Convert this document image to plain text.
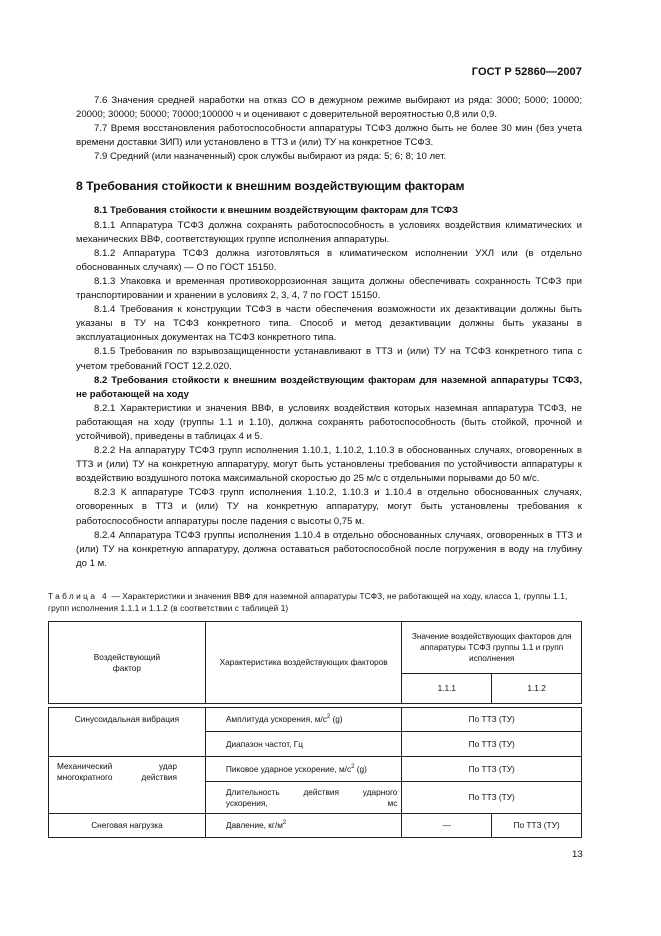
ГОСТ Р 52860—2007

7.6 Значения средней наработки на отказ СО в дежурном режиме выбирают из ряда: 3000; 5000; 10000; 20000; 30000; 50000; 70000;100000 ч и оценивают с доверительной вероятностью 0,8 или 0,9.

7.7 Время восстановления работоспособности аппаратуры ТСФЗ должно быть не более 30 мин (без учета времени доставки ЗИП) или установлено в ТТЗ и (или) ТУ на конкретное ТСФЗ.

7.9 Средний (или назначенный) срок службы выбирают из ряда: 5; 6; 8; 10 лет.

8 Требования стойкости к внешним воздействующим факторам

8.1 Требования стойкости к внешним воздействующим факторам для ТСФЗ

8.1.1 Аппаратура ТСФЗ должна сохранять работоспособность в условиях воздействия климатических и механических ВВФ, соответствующих группе исполнения аппаратуры.

8.1.2 Аппаратура ТСФЗ должна изготовляться в климатическом исполнении УХЛ или (в отдельно обоснованных случаях) — О по ГОСТ 15150.

8.1.3 Упаковка и временная противокоррозионная защита должны обеспечивать сохранность ТСФЗ при транспортировании и хранении в условиях 2, 3, 4, 7 по ГОСТ 15150.

8.1.4 Требования к конструкции ТСФЗ в части обеспечения возможности их дезактивации должны быть указаны в ТУ на ТСФЗ конкретного типа. Способ и метод дезактивации должны быть указаны в эксплуатационных документах на ТСФЗ конкретного типа.

8.1.5 Требования по взрывозащищенности устанавливают в ТТЗ и (или) ТУ на ТСФЗ конкретного типа с учетом требований ГОСТ 12.2.020.

8.2 Требования стойкости к внешним воздействующим факторам для наземной аппаратуры ТСФЗ, не работающей на ходу

8.2.1 Характеристики и значения ВВФ, в условиях воздействия которых наземная аппаратура ТСФЗ, не работающая на ходу (группы 1.1 и 1.10), должна сохранять работоспособность (быть стойкой, прочной и устойчивой), приведены в таблицах 4 и 5.

8.2.2 На аппаратуру ТСФЗ групп исполнения 1.10.1, 1.10.2, 1.10.3 в обоснованных случаях, оговоренных в ТТЗ и (или) ТУ на конкретную аппаратуру, могут быть установлены требования по устойчивости аппаратуры к воздействию воздушного потока максимальной скоростью до 25 м/с с отдельными порывами до 50 м/с.

8.2.3 К аппаратуре ТСФЗ групп исполнения 1.10.2, 1.10.3 и 1.10.4 в отдельно обоснованных случаях, оговоренных в ТТЗ и (или) ТУ на конкретную аппаратуру, могут быть установлены требования к работоспособности аппаратуры после падения с высоты 0,75 м.

8.2.4 Аппаратура ТСФЗ группы исполнения 1.10.4 в отдельно обоснованных случаях, оговоренных в ТТЗ и (или) ТУ на конкретную аппаратуру, должна оставаться работоспособной после погружения в воду на глубину до 1 м.

Таблица 4 — Характеристики и значения ВВФ для наземной аппаратуры ТСФЗ, не работающей на ходу, класса 1, группы 1.1, групп исполнения 1.1.1 и 1.1.2 (в соответствии с таблицей 1)
Воздействующий фактор	Характеристика воздействующих факторов	Значение воздействующих факторов для аппаратуры ТСФЗ группы 1.1 и групп исполнения	
		1.1.1	1.1.2

Синусоидальная вибрация	Амплитуда ускорения, $м/с^2$ (g)	По ТТЗ (ТУ)	
	Диапазон частот, Гц	По ТТЗ (ТУ)	

Механический удар многократного действия	Пиковое ударное ускорение, $м/с^2$ (g)	По ТТЗ (ТУ)	

	Длительность действия ударного ускорения, мс	По ТТЗ (ТУ)	
Снеговая нагрузка	Давление, $кг/м^2$	—	По ТТЗ (ТУ)
13
